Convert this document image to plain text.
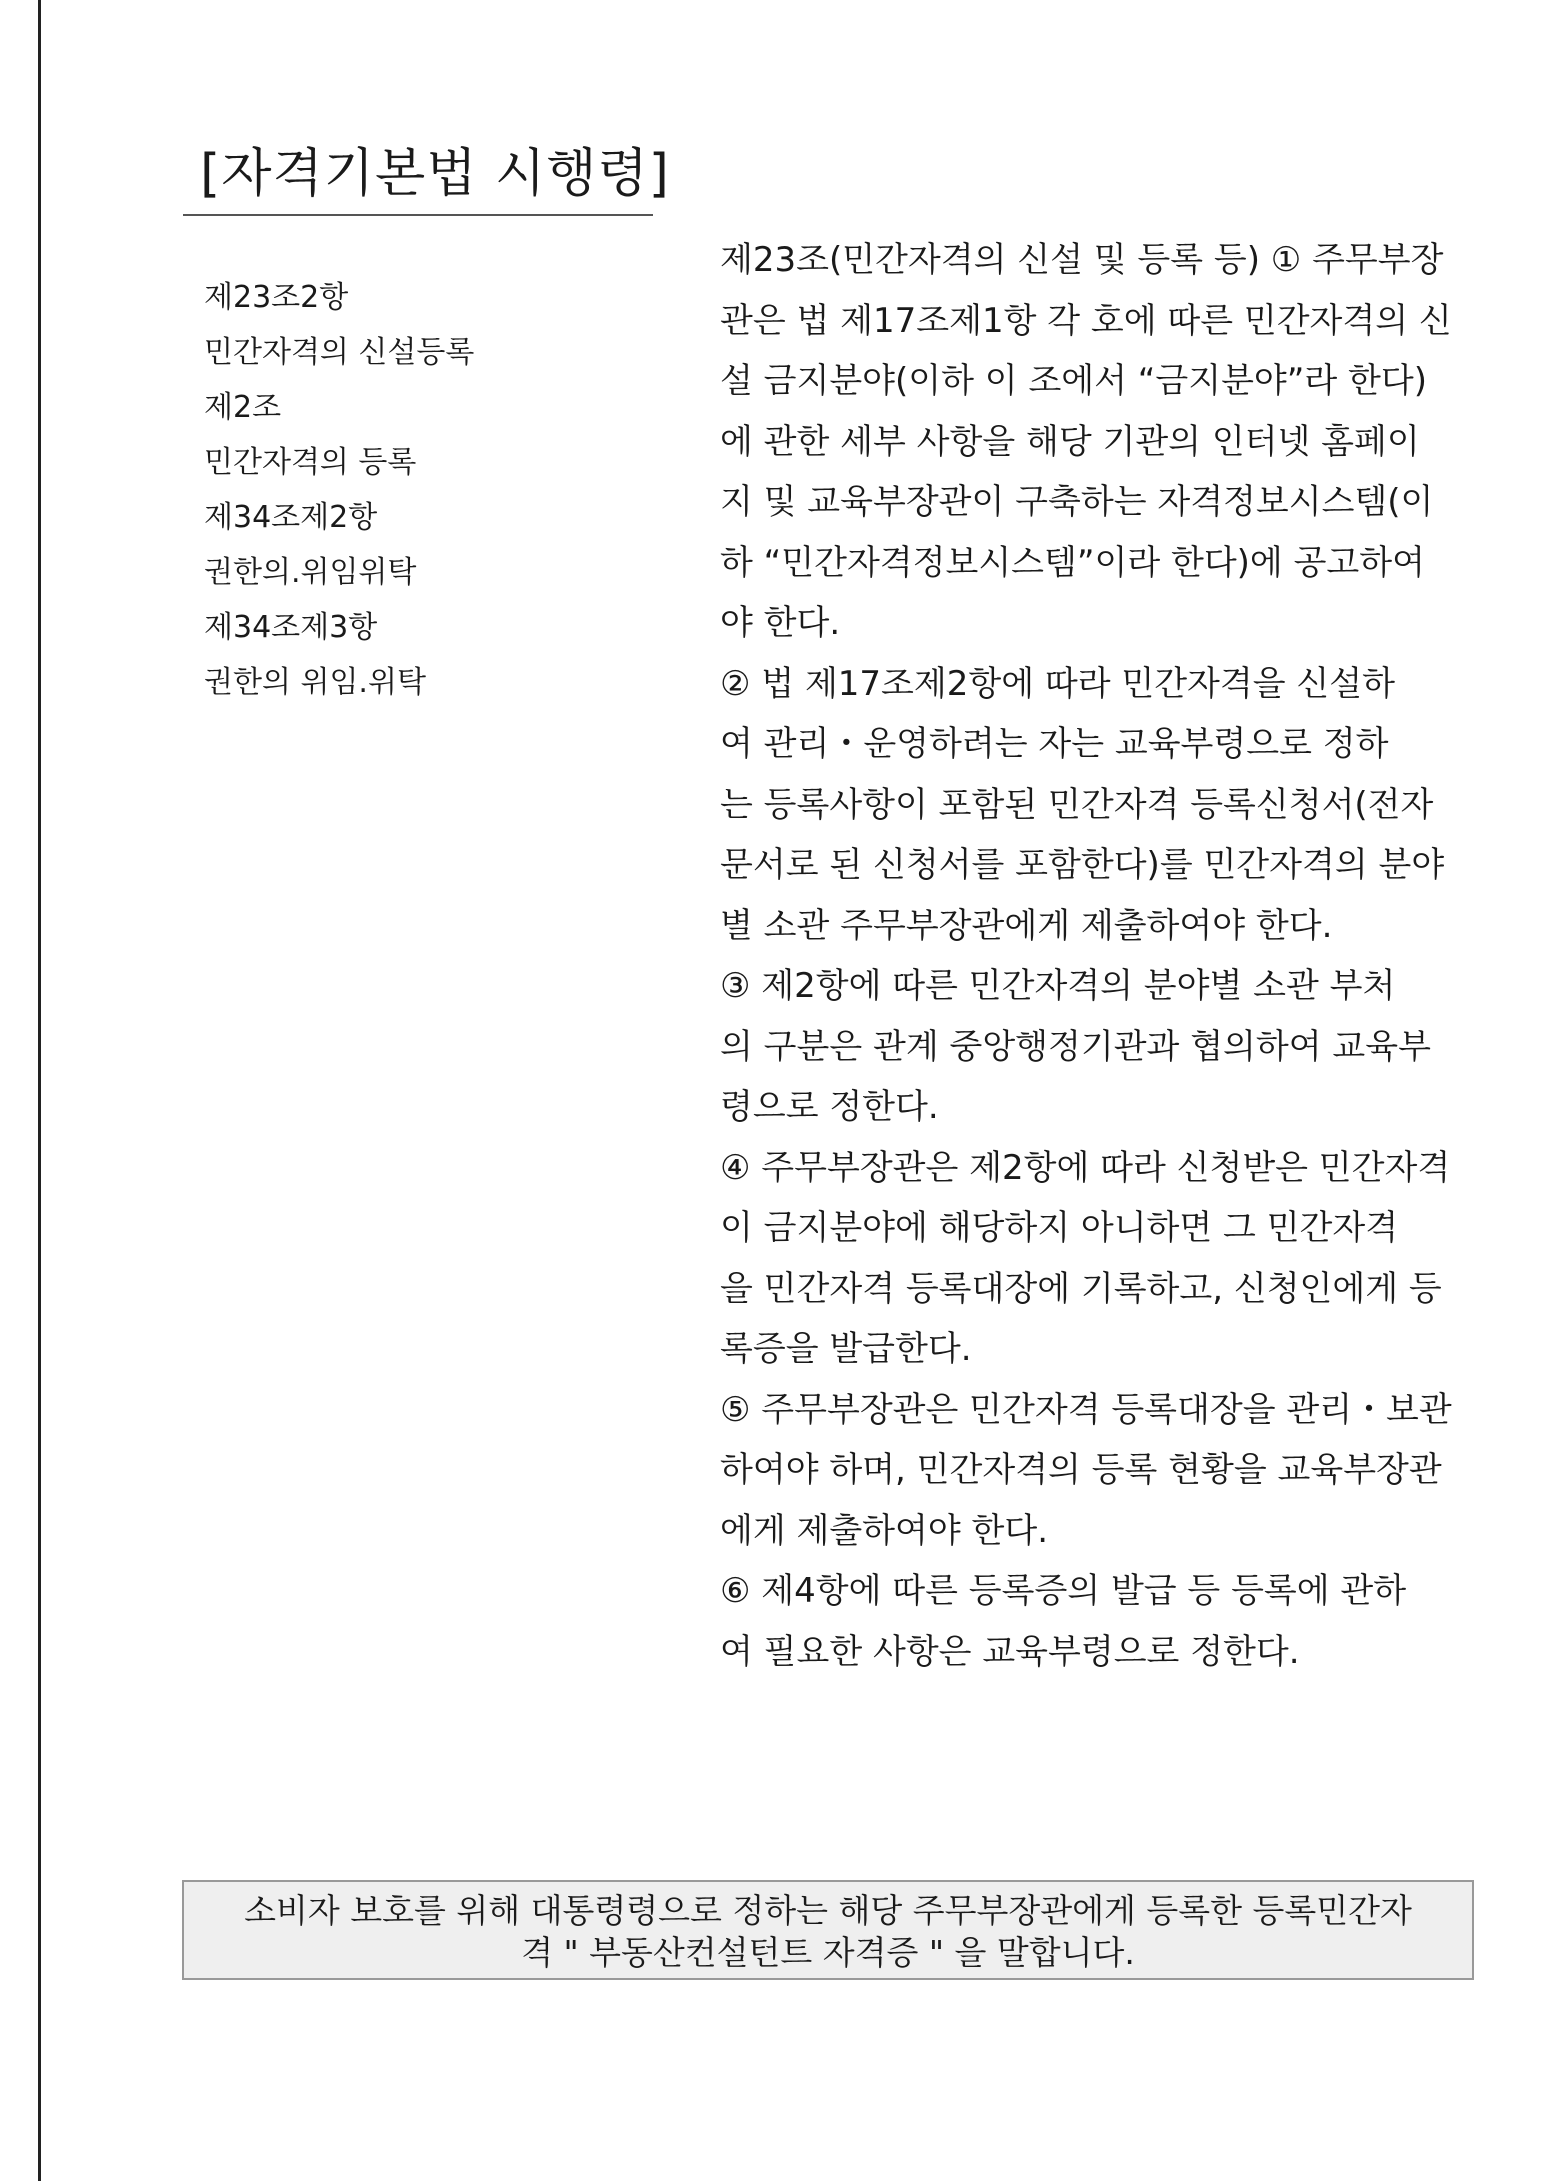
[자격기본법 시행령]
제23조2항
민간자격의 신설등록
제2조
민간자격의 등록
제34조제2항
권한의.위임위탁
제34조제3항
권한의 위임.위탁
제23조(민간자격의 신설 및 등록 등) ① 주무부장
관은 법 제17조제1항 각 호에 따른 민간자격의 신
설 금지분야(이하 이 조에서 “금지분야”라 한다)
에 관한 세부 사항을 해당 기관의 인터넷 홈페이
지 및 교육부장관이 구축하는 자격정보시스템(이
하 “민간자격정보시스템”이라 한다)에 공고하여
야 한다.
② 법 제17조제2항에 따라 민간자격을 신설하
여 관리・운영하려는 자는 교육부령으로 정하
는 등록사항이 포함된 민간자격 등록신청서(전자
문서로 된 신청서를 포함한다)를 민간자격의 분야
별 소관 주무부장관에게 제출하여야 한다.
③ 제2항에 따른 민간자격의 분야별 소관 부처
의 구분은 관계 중앙행정기관과 협의하여 교육부
령으로 정한다.
④ 주무부장관은 제2항에 따라 신청받은 민간자격
이 금지분야에 해당하지 아니하면 그 민간자격
을 민간자격 등록대장에 기록하고, 신청인에게 등
록증을 발급한다.
⑤ 주무부장관은 민간자격 등록대장을 관리・보관
하여야 하며, 민간자격의 등록 현황을 교육부장관
에게 제출하여야 한다.
⑥ 제4항에 따른 등록증의 발급 등 등록에 관하
여 필요한 사항은 교육부령으로 정한다.
소비자 보호를 위해 대통령령으로 정하는 해당 주무부장관에게 등록한 등록민간자
격 " 부동산컨설턴트 자격증 " 을 말합니다.
